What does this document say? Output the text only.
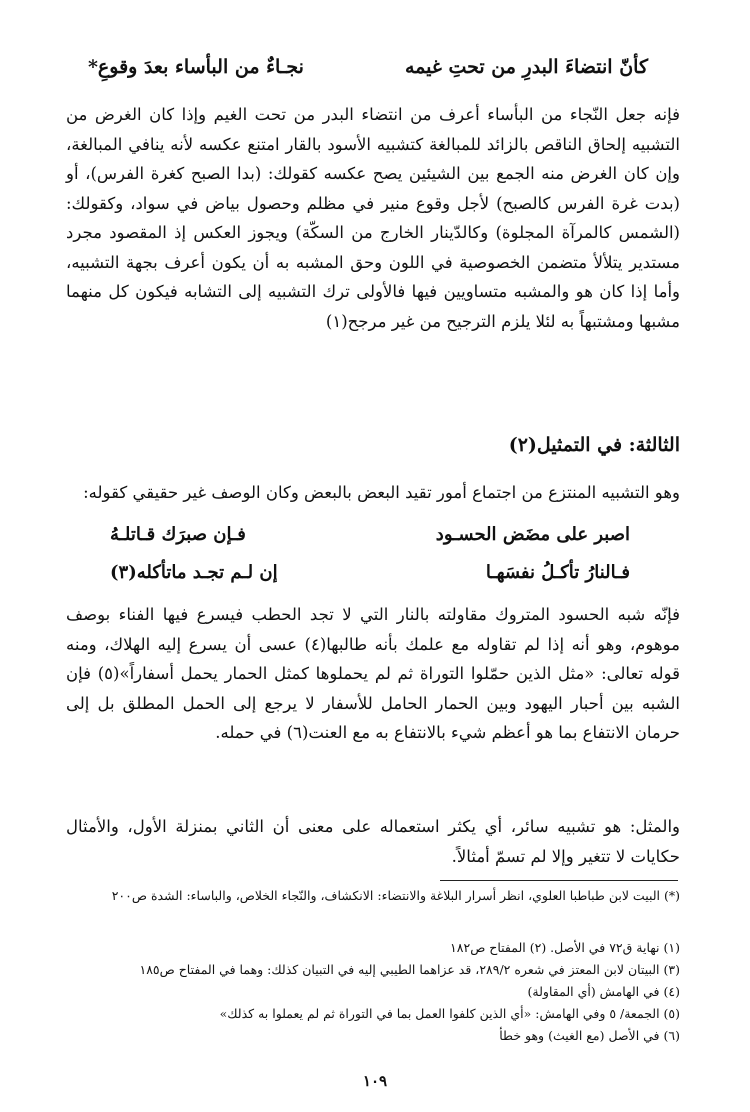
كأنّ انتضاءَ البدرِ من تحتِ غيمه
نجـاءٌ من البأساء بعدَ وقوعِ*
فإنه جعل النّجاء من البأساء أعرف من انتضاء البدر من تحت الغيم وإذا كان الغرض من التشبيه إلحاق الناقص بالزائد للمبالغة كتشبيه الأسود بالقار امتنع عكسه لأنه ينافي المبالغة، وإن كان الغرض منه الجمع بين الشيئين يصح عكسه كقولك: (بدا الصبح كغرة الفرس)، أو (بدت غرة الفرس كالصبح) لأجل وقوع منير في مظلم وحصول بياض في سواد، وكقولك: (الشمس كالمرآة المجلوة) وكالدّينار الخارج من السكّة) ويجوز العكس إذ المقصود مجرد مستدير يتلألأ متضمن الخصوصية في اللون وحق المشبه به أن يكون أعرف بجهة التشبيه، وأما إذا كان هو والمشبه متساويين فيها فالأولى ترك التشبيه إلى التشابه فيكون كل منهما مشبها ومشتبهاً به لئلا يلزم الترجيح من غير مرجح(١)
الثالثة: في التمثيل(٢)
وهو التشبيه المنتزع من اجتماع أمور تقيد البعض بالبعض وكان الوصف غير حقيقي كقوله:
اصبر على مضَض الحسـود
فـإن صبرَك قـاتلـهُ
فـالنارُ تأكـلُ نفسَهـا
إن لـم تجـد ماتأكله(٣)
فإنّه شبه الحسود المتروك مقاولته بالنار التي لا تجد الحطب فيسرع فيها الفناء بوصف موهوم، وهو أنه إذا لم تقاوله مع علمك بأنه طالبها(٤) عسى أن يسرع إليه الهلاك، ومنه قوله تعالى: «مثل الذين حمّلوا التوراة ثم لم يحملوها كمثل الحمار يحمل أسفاراً»(٥) فإن الشبه بين أحبار اليهود وبين الحمار الحامل للأسفار لا يرجع إلى الحمل المطلق بل إلى حرمان الانتفاع بما هو أعظم شيء بالانتفاع به مع العنت(٦) في حمله.
والمثل: هو تشبيه سائر، أي يكثر استعماله على معنى أن الثاني بمنزلة الأول، والأمثال حكايات لا تتغير وإلا لم تسمّ أمثالاً.
(*) البيت لابن طباطبا العلوي، انظر أسرار البلاغة والانتضاء: الانكشاف، والنّجاء الخلاص، والباساء: الشدة ص٢٠٠
(١) نهاية ق٧٢ في الأصل. (٢) المفتاح ص١٨٢
(٣) البيتان لابن المعتز في شعره ٢٨٩/٢، قد عزاهما الطيبي إليه في التبيان كذلك: وهما في المفتاح ص١٨٥
(٤) في الهامش (أي المقاولة)
(٥) الجمعة/ ٥ وفي الهامش: «أي الذين كلفوا العمل بما في التوراة ثم لم يعملوا به كذلك»
(٦) في الأصل (مع الغيث) وهو خطأ
١٠٩
